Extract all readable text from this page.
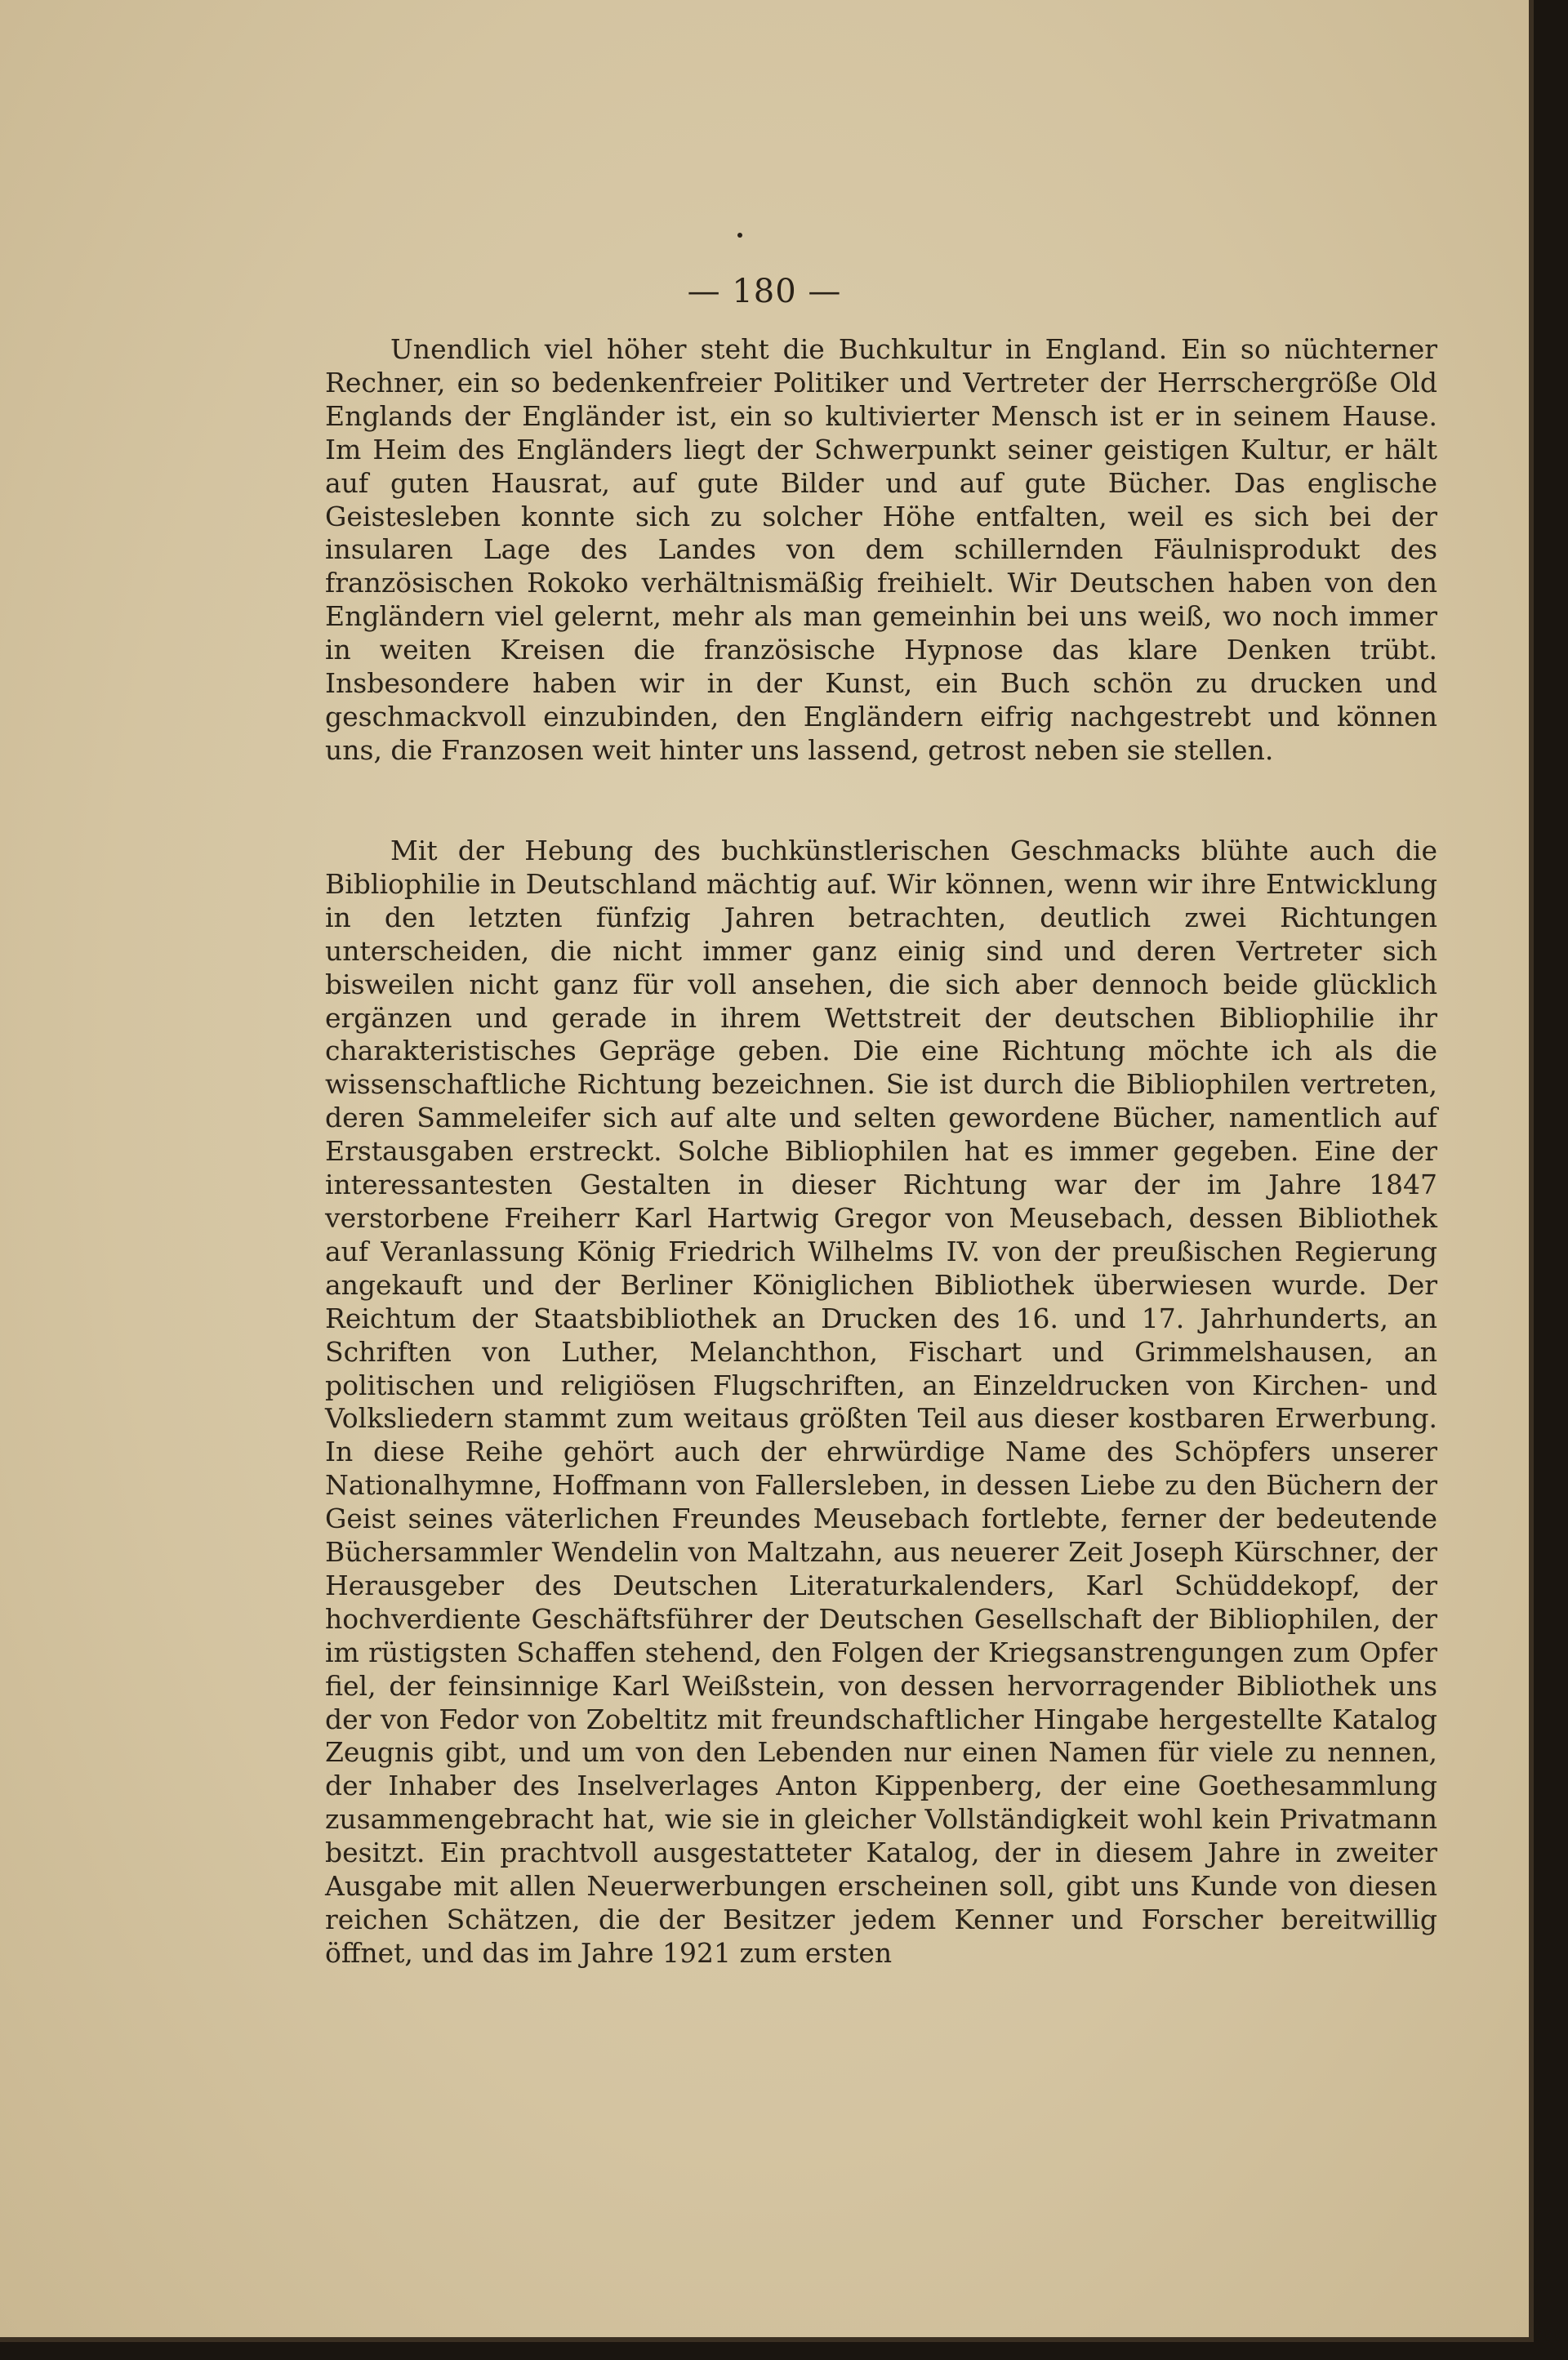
— 180 —

Unendlich viel höher steht die Buchkultur in England. Ein so nüchterner Rechner, ein so bedenkenfreier Politiker und Vertreter der Herrschergröße Old Englands der Engländer ist, ein so kultivierter Mensch ist er in seinem Hause. Im Heim des Engländers liegt der Schwerpunkt seiner geistigen Kultur, er hält auf guten Hausrat, auf gute Bilder und auf gute Bücher. Das englische Geistesleben konnte sich zu solcher Höhe entfalten, weil es sich bei der insularen Lage des Landes von dem schillernden Fäulnisprodukt des französischen Rokoko verhältnismäßig freihielt. Wir Deutschen haben von den Engländern viel gelernt, mehr als man gemeinhin bei uns weiß, wo noch immer in weiten Kreisen die französische Hypnose das klare Denken trübt. Insbesondere haben wir in der Kunst, ein Buch schön zu drucken und geschmackvoll einzubinden, den Engländern eifrig nachgestrebt und können uns, die Franzosen weit hinter uns lassend, getrost neben sie stellen.

Mit der Hebung des buchkünstlerischen Geschmacks blühte auch die Bibliophilie in Deutschland mächtig auf. Wir können, wenn wir ihre Entwicklung in den letzten fünfzig Jahren betrachten, deutlich zwei Richtungen unterscheiden, die nicht immer ganz einig sind und deren Vertreter sich bisweilen nicht ganz für voll ansehen, die sich aber dennoch beide glücklich ergänzen und gerade in ihrem Wettstreit der deutschen Bibliophilie ihr charakteristisches Gepräge geben. Die eine Richtung möchte ich als die wissenschaftliche Richtung bezeichnen. Sie ist durch die Bibliophilen vertreten, deren Sammeleifer sich auf alte und selten gewordene Bücher, namentlich auf Erstausgaben erstreckt. Solche Bibliophilen hat es immer gegeben. Eine der interessantesten Gestalten in dieser Richtung war der im Jahre 1847 verstorbene Freiherr Karl Hartwig Gregor von Meusebach, dessen Bibliothek auf Veranlassung König Friedrich Wilhelms IV. von der preußischen Regierung angekauft und der Berliner Königlichen Bibliothek überwiesen wurde. Der Reichtum der Staatsbibliothek an Drucken des 16. und 17. Jahrhunderts, an Schriften von Luther, Melanchthon, Fischart und Grimmelshausen, an politischen und religiösen Flugschriften, an Einzeldrucken von Kirchen- und Volksliedern stammt zum weitaus größten Teil aus dieser kostbaren Erwerbung. In diese Reihe gehört auch der ehrwürdige Name des Schöpfers unserer Nationalhymne, Hoffmann von Fallersleben, in dessen Liebe zu den Büchern der Geist seines väterlichen Freundes Meusebach fortlebte, ferner der bedeutende Büchersammler Wendelin von Maltzahn, aus neuerer Zeit Joseph Kürschner, der Herausgeber des Deutschen Literaturkalenders, Karl Schüddekopf, der hochverdiente Geschäftsführer der Deutschen Gesellschaft der Bibliophilen, der im rüstigsten Schaffen stehend, den Folgen der Kriegsanstrengungen zum Opfer fiel, der feinsinnige Karl Weißstein, von dessen hervorragender Bibliothek uns der von Fedor von Zobeltitz mit freundschaftlicher Hingabe hergestellte Katalog Zeugnis gibt, und um von den Lebenden nur einen Namen für viele zu nennen, der Inhaber des Inselverlages Anton Kippenberg, der eine Goethesammlung zusammengebracht hat, wie sie in gleicher Vollständigkeit wohl kein Privatmann besitzt. Ein prachtvoll ausgestatteter Katalog, der in diesem Jahre in zweiter Ausgabe mit allen Neuerwerbungen erscheinen soll, gibt uns Kunde von diesen reichen Schätzen, die der Besitzer jedem Kenner und Forscher bereitwillig öffnet, und das im Jahre 1921 zum ersten
